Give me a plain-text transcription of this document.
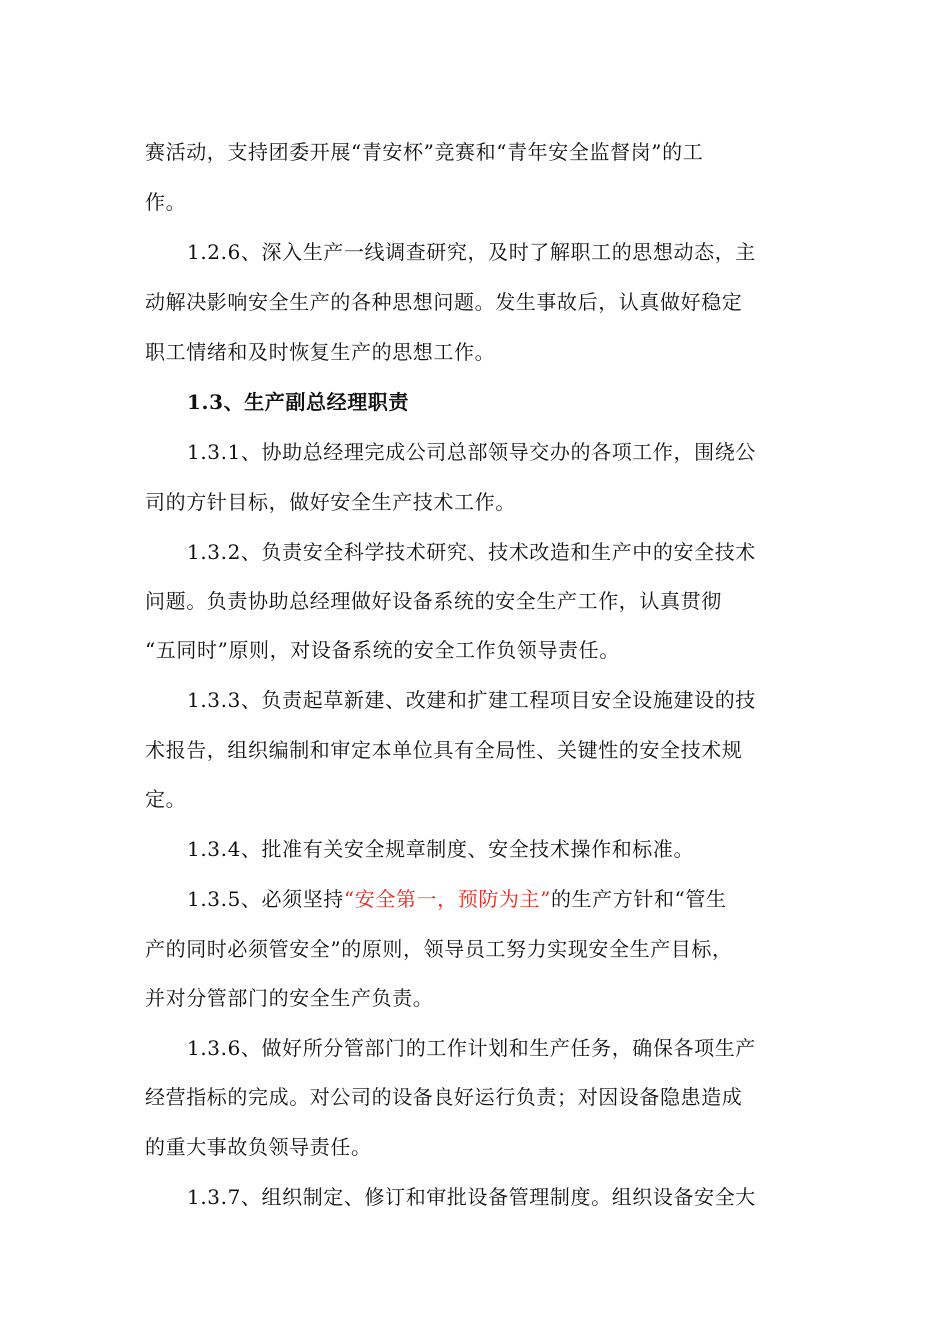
赛活动，支持团委开展“青安杯”竞赛和“青年安全监督岗”的工
作。
1.2.6、深入生产一线调查研究，及时了解职工的思想动态，主
动解决影响安全生产的各种思想问题。发生事故后，认真做好稳定
职工情绪和及时恢复生产的思想工作。
1.3、生产副总经理职责
1.3.1、协助总经理完成公司总部领导交办的各项工作，围绕公
司的方针目标，做好安全生产技术工作。
1.3.2、负责安全科学技术研究、技术改造和生产中的安全技术
问题。负责协助总经理做好设备系统的安全生产工作，认真贯彻
“五同时”原则，对设备系统的安全工作负领导责任。
1.3.3、负责起草新建、改建和扩建工程项目安全设施建设的技
术报告，组织编制和审定本单位具有全局性、关键性的安全技术规
定。
1.3.4、批准有关安全规章制度、安全技术操作和标准。
1.3.5、必须坚持“安全第一，预防为主”的生产方针和“管生
产的同时必须管安全”的原则，领导员工努力实现安全生产目标，
并对分管部门的安全生产负责。
1.3.6、做好所分管部门的工作计划和生产任务，确保各项生产
经营指标的完成。对公司的设备良好运行负责；对因设备隐患造成
的重大事故负领导责任。
1.3.7、组织制定、修订和审批设备管理制度。组织设备安全大
